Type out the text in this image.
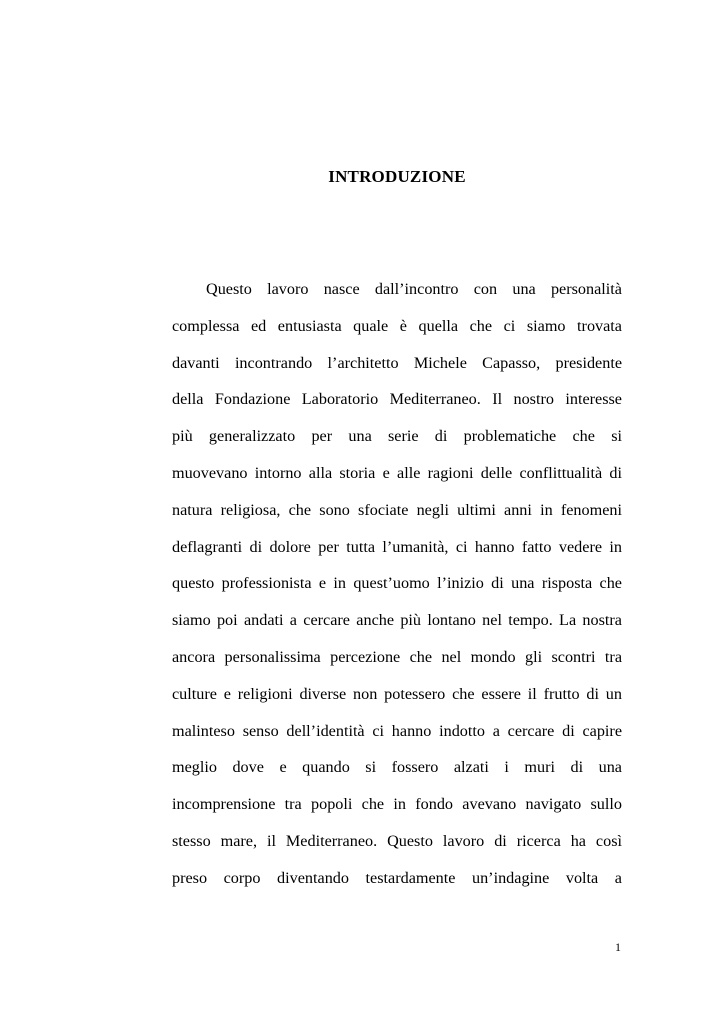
INTRODUZIONE
Questo lavoro nasce dall’incontro con una personalità
complessa ed entusiasta quale è quella che ci siamo trovata
davanti incontrando l’architetto Michele Capasso, presidente
della Fondazione Laboratorio Mediterraneo. Il nostro interesse
più generalizzato per una serie di problematiche che si
muovevano intorno alla storia e alle ragioni delle conflittualità di
natura religiosa, che sono sfociate negli ultimi anni in fenomeni
deflagranti di dolore per tutta l’umanità, ci hanno fatto vedere in
questo professionista e in quest’uomo l’inizio di una risposta che
siamo poi andati a cercare anche più lontano nel tempo. La nostra
ancora personalissima percezione che nel mondo gli scontri tra
culture e religioni diverse non potessero che essere il frutto di un
malinteso senso dell’identità ci hanno indotto a cercare di capire
meglio dove e quando si fossero alzati i muri di una
incomprensione tra popoli che in fondo avevano navigato sullo
stesso mare, il Mediterraneo. Questo lavoro di ricerca ha così
preso corpo diventando testardamente un’indagine volta a
1
